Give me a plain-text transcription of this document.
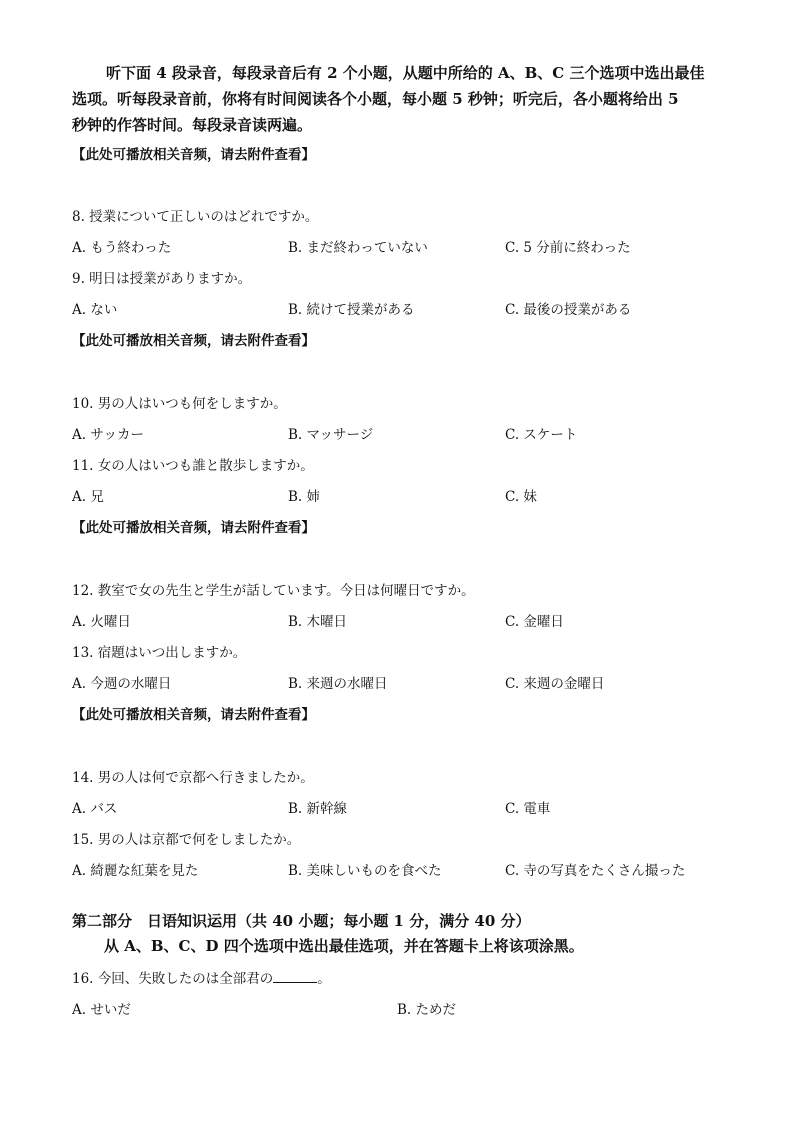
听下面 4 段录音，每段录音后有 2 个小题，从题中所给的 A、B、C 三个选项中选出最佳
选项。听每段录音前，你将有时间阅读各个小题，每小题 5 秒钟；听完后，各小题将给出 5
秒钟的作答时间。每段录音读两遍。
【此处可播放相关音频，请去附件查看】
8. 授業について正しいのはどれですか。
A. もう終わった	B. まだ終わっていない	C. 5 分前に終わった
9. 明日は授業がありますか。
A. ない	B. 続けて授業がある	C. 最後の授業がある
【此处可播放相关音频，请去附件查看】
10. 男の人はいつも何をしますか。
A. サッカー	B. マッサージ	C. スケート
11. 女の人はいつも誰と散歩しますか。
A. 兄	B. 姉	C. 妹
【此处可播放相关音频，请去附件查看】
12. 教室で女の先生と学生が話しています。今日は何曜日ですか。
A. 火曜日	B. 木曜日	C. 金曜日
13. 宿題はいつ出しますか。
A. 今週の水曜日	B. 来週の水曜日	C. 来週の金曜日
【此处可播放相关音频，请去附件查看】
14. 男の人は何で京都へ行きましたか。
A. バス	B. 新幹線	C. 電車
15. 男の人は京都で何をしましたか。
A. 綺麗な紅葉を見た	B. 美味しいものを食べた	C. 寺の写真をたくさん撮った
第二部分　日语知识运用（共 40 小题；每小题 1 分，满分 40 分）
从 A、B、C、D 四个选项中选出最佳选项，并在答题卡上将该项涂黑。
16. 今回、失敗したのは全部君の	。
A. せいだ	B. ためだ
